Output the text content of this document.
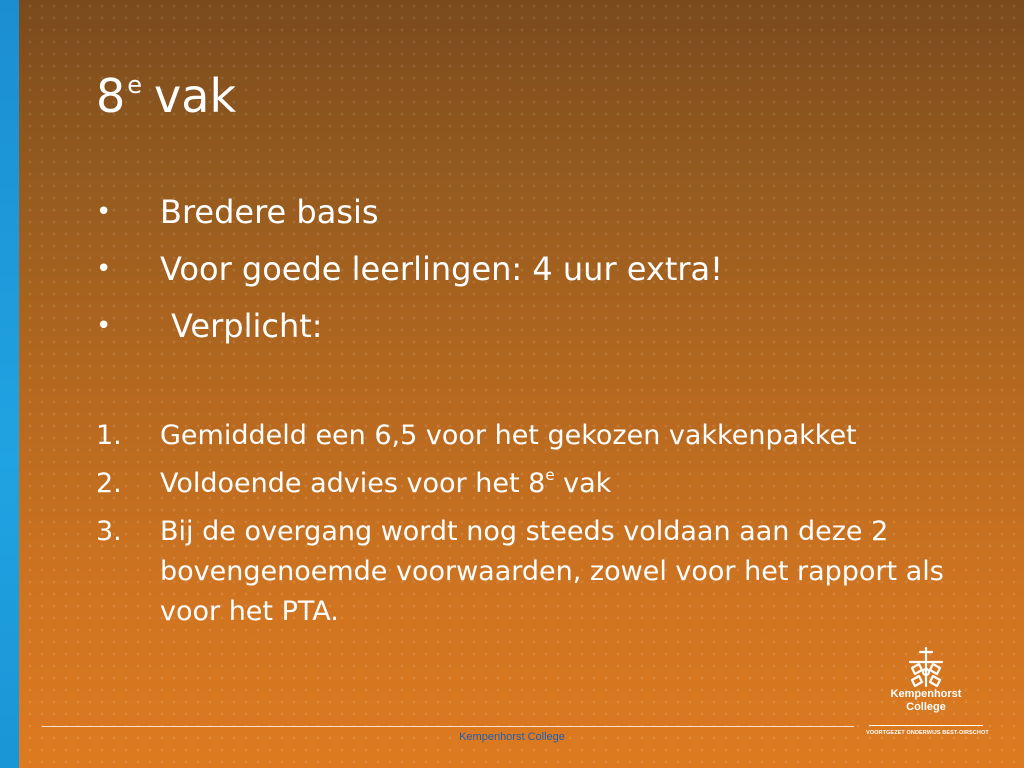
8e vak
• Bredere basis
• Voor goede leerlingen: 4 uur extra!
• Verplicht:
1. Gemiddeld een 6,5 voor het gekozen vakkenpakket
2. Voldoende advies voor het 8e vak
3. Bij de overgang wordt nog steeds voldaan aan deze 2 bovengenoemde voorwaarden, zowel voor het rapport als voor het PTA.
Kempenhorst College
Kempenhorst
College
VOORTGEZET ONDERWIJS BEST-OIRSCHOT
